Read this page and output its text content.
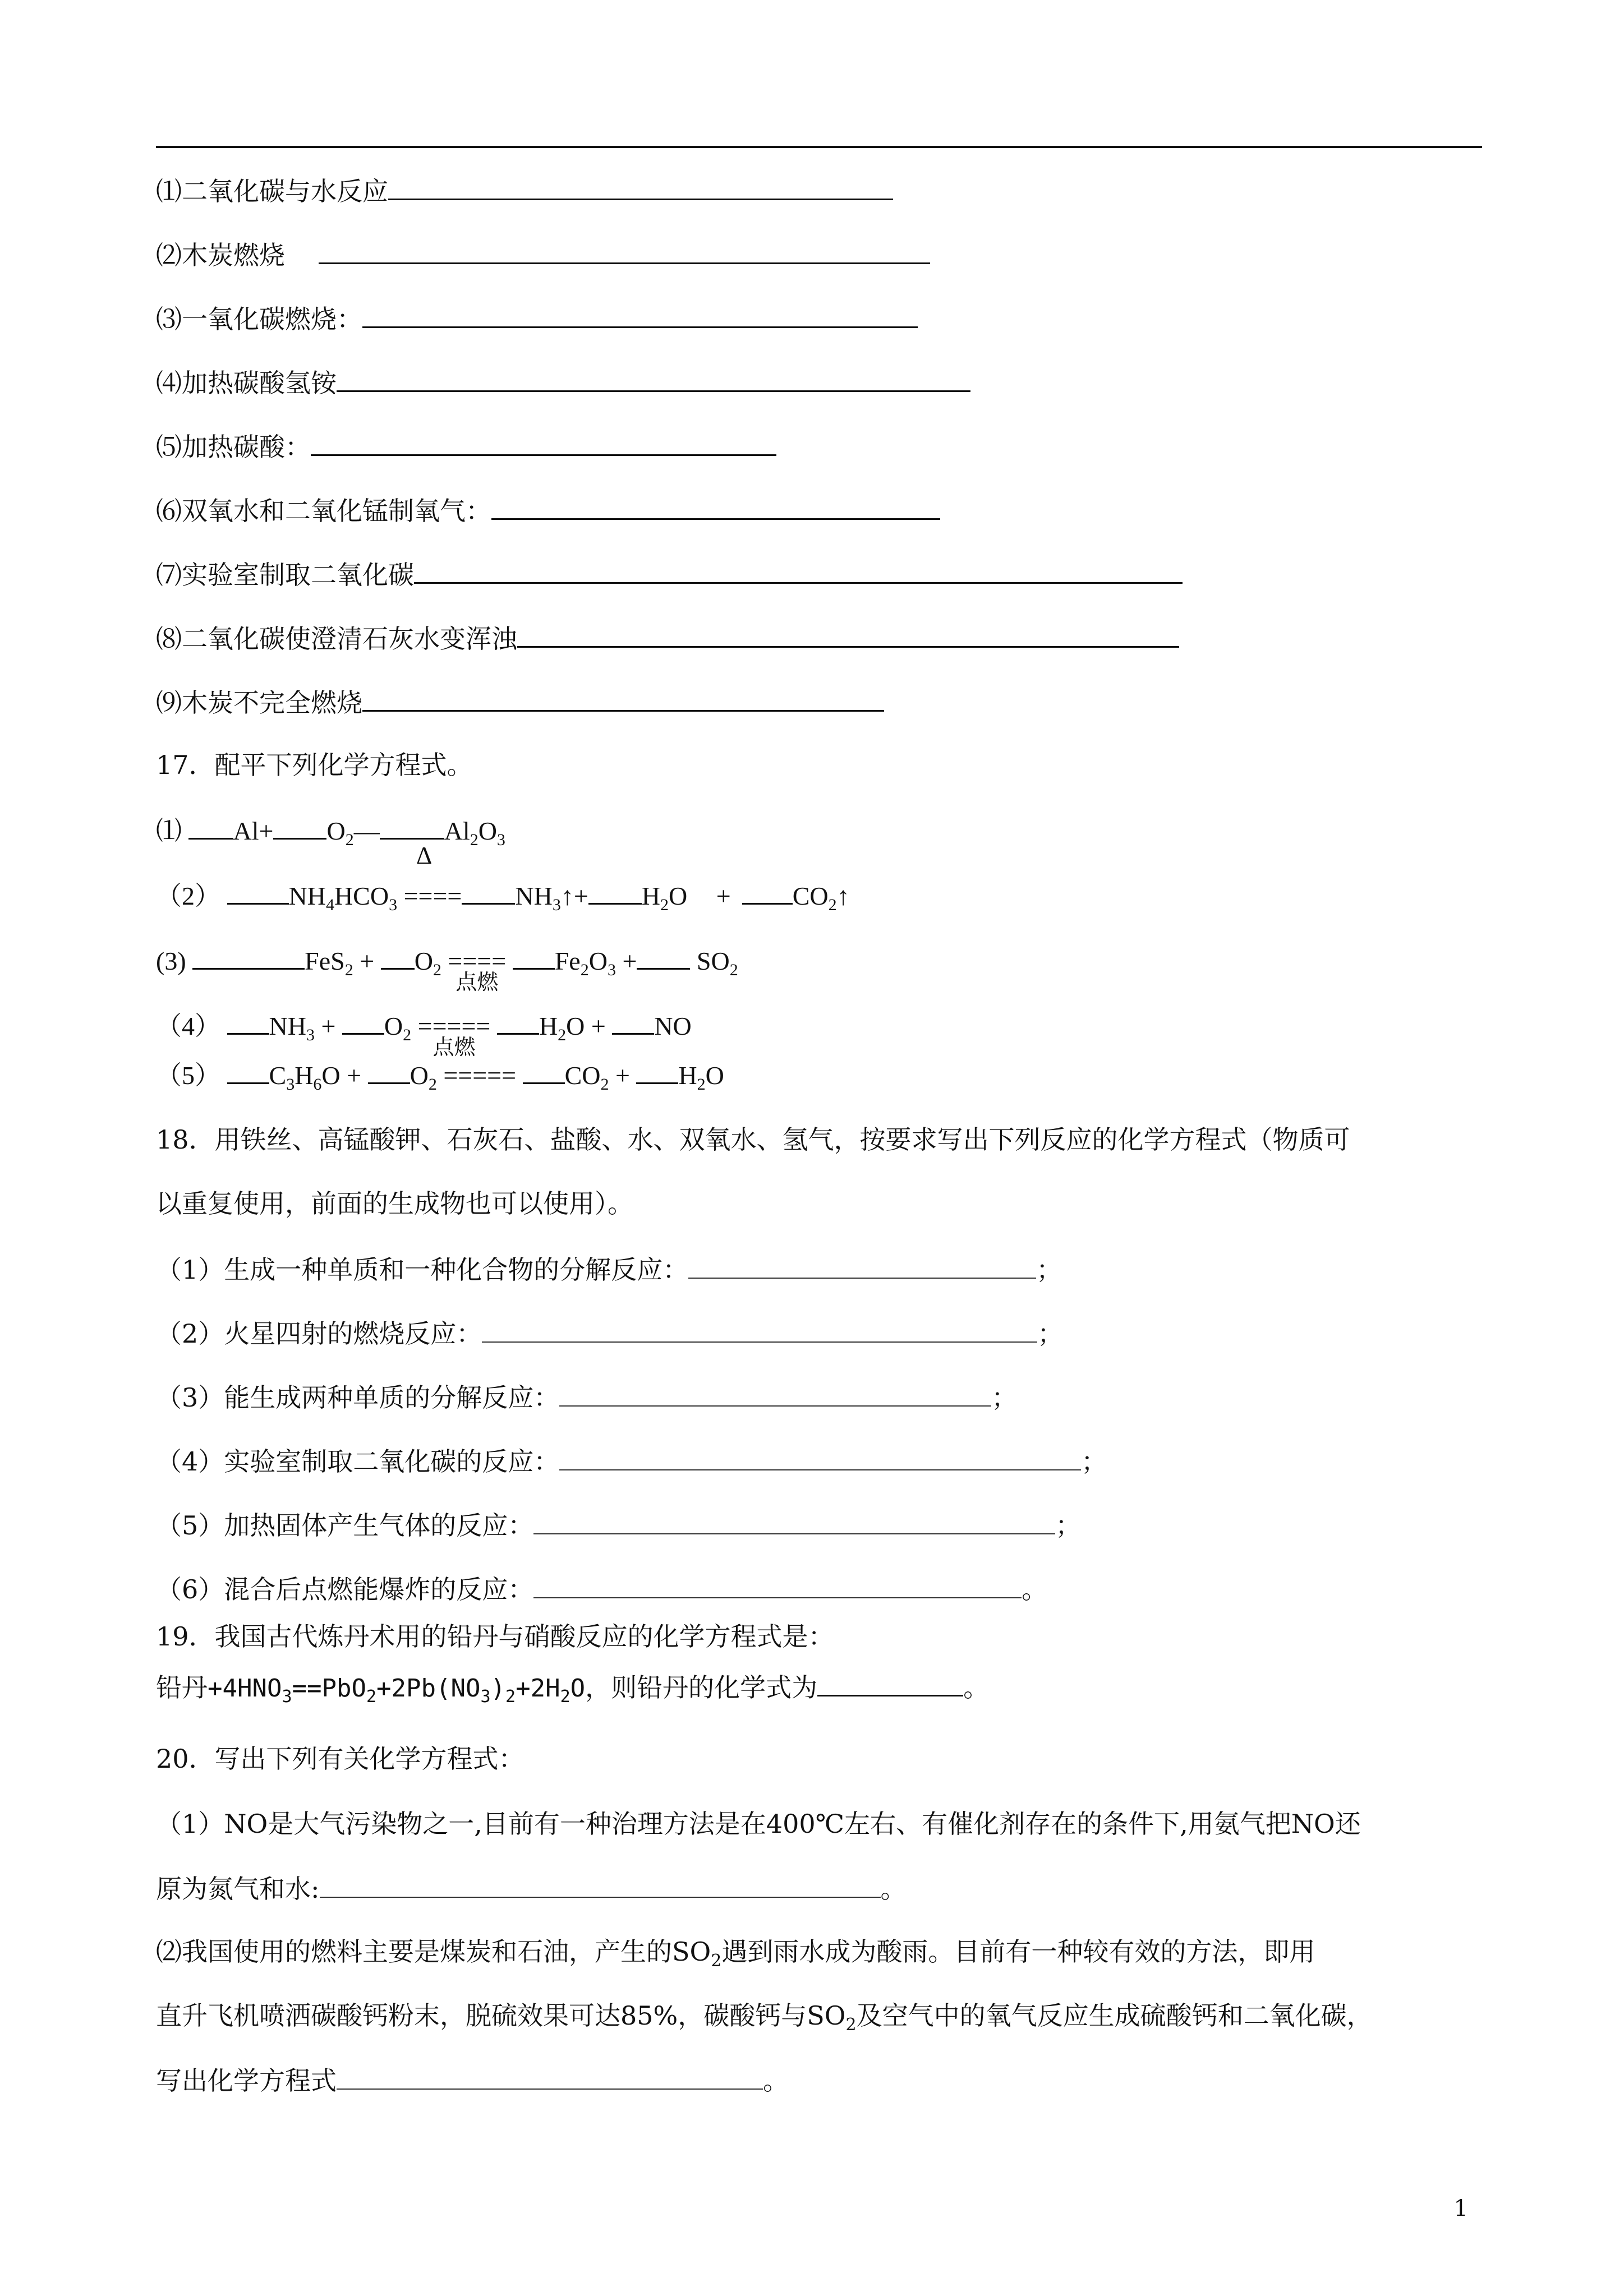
⑴二氧化碳与水反应
⑵木炭燃烧
⑶一氧化碳燃烧：
⑷加热碳酸氢铵
⑸加热碳酸：
⑹双氧水和二氧化锰制氧气：
⑺实验室制取二氧化碳
⑻二氧化碳使澄清石灰水变浑浊
⑼木炭不完全燃烧
17．配平下列化学方程式。
⑴ $Al+ O_2—$	$Al_2O_3$
Δ
（2）	$NH_4HCO_3$ ==== $NH_3↑+ H_2O$ + $CO_2↑$
(3)	$FeS_2 + O_2$ ====
点燃
$Fe_2O_3 + SO_2$
（4） $NH_3 + O_2$ =====
点燃
$H_2O$ + NO
（5） $C_3H_6O + O_2$ ===== $CO_2 + H_2O$
18．用铁丝、高锰酸钾、石灰石、盐酸、水、双氧水、氢气，按要求写出下列反应的化学方程式（物质可
以重复使用，前面的生成物也可以使用）。
（1）生成一种单质和一种化合物的分解反应：	；
（2）火星四射的燃烧反应：	；
（3）能生成两种单质的分解反应：	；
（4）实验室制取二氧化碳的反应：	；
（5）加热固体产生气体的反应：	；
（6）混合后点燃能爆炸的反应：	。
19．我国古代炼丹术用的铅丹与硝酸反应的化学方程式是：
铅丹$+4HNO_3==PbO_2+2Pb(NO_3)_2+2H_2O$，则铅丹的化学式为	。
20．写出下列有关化学方程式：
（1）NO是大气污染物之一,目前有一种治理方法是在400℃左右、有催化剂存在的条件下,用氨气把NO还
原为氮气和水:	。
⑵我国使用的燃料主要是煤炭和石油，产生的$SO_2$遇到雨水成为酸雨。目前有一种较有效的方法，即用
直升飞机喷洒碳酸钙粉末，脱硫效果可达85%，碳酸钙与$SO_2$及空气中的氧气反应生成硫酸钙和二氧化碳，
写出化学方程式	。
1
